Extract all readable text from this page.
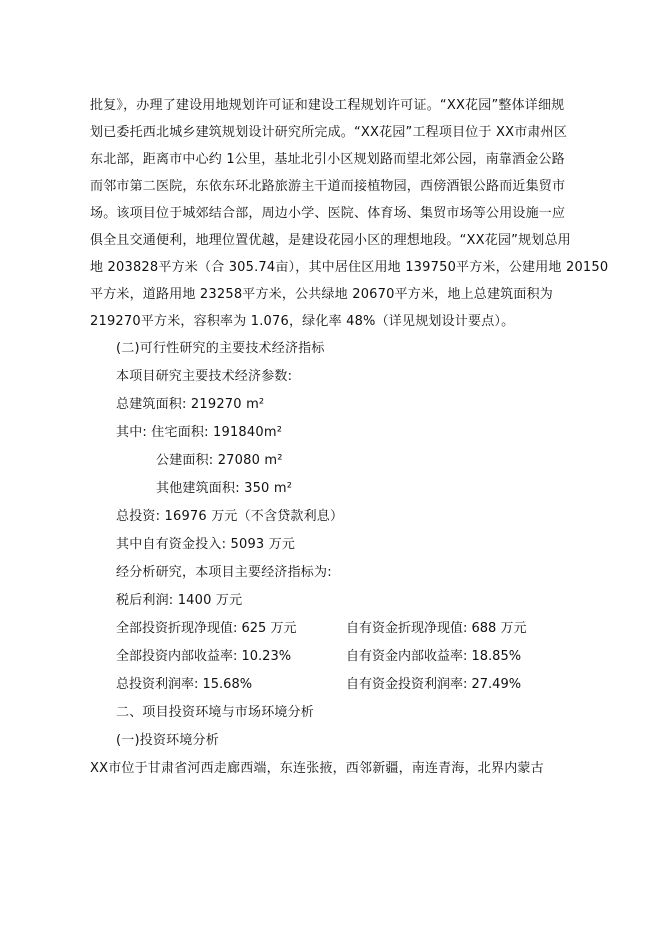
批复》，办理了建设用地规划许可证和建设工程规划许可证。“XX花园”整体详细规
划已委托西北城乡建筑规划设计研究所完成。“XX花园”工程项目位于 XX市肃州区
东北部，距离市中心约 1公里，基址北引小区规划路而望北郊公园，南靠酒金公路
而邻市第二医院，东依东环北路旅游主干道而接植物园，西傍酒银公路而近集贸市
场。该项目位于城郊结合部，周边小学、医院、体育场、集贸市场等公用设施一应
俱全且交通便利，地理位置优越，是建设花园小区的理想地段。“XX花园”规划总用
地 203828平方米（合 305.74亩），其中居住区用地 139750平方米，公建用地 20150
平方米，道路用地 23258平方米，公共绿地 20670平方米，地上总建筑面积为
219270平方米，容积率为 1.076，绿化率 48%（详见规划设计要点）。
(二)可行性研究的主要技术经济指标
本项目研究主要技术经济参数:
总建筑面积: 219270 m²
其中: 住宅面积: 191840m²
公建面积: 27080 m²
其他建筑面积: 350 m²
总投资: 16976 万元（不含贷款利息）
其中自有资金投入: 5093 万元
经分析研究，本项目主要经济指标为:
税后利润: 1400 万元
全部投资折现净现值: 625 万元	自有资金折现净现值: 688 万元
全部投资内部收益率: 10.23%	自有资金内部收益率: 18.85%
总投资利润率: 15.68%	自有资金投资利润率: 27.49%
二、项目投资环境与市场环境分析
(一)投资环境分析
XX市位于甘肃省河西走廊西端，东连张掖，西邻新疆，南连青海，北界内蒙古
